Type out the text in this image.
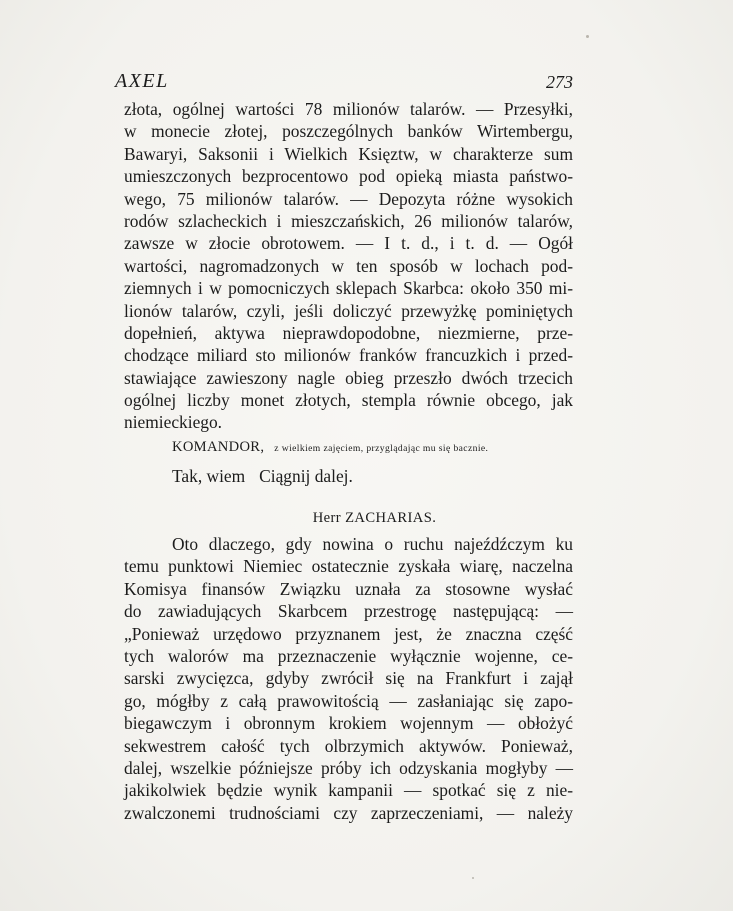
AXEL	273
złota, ogólnej wartości 78 milionów talarów. — Przesyłki,
w monecie złotej, poszczególnych banków Wirtembergu,
Bawaryi, Saksonii i Wielkich Księztw, w charakterze sum
umieszczonych bezprocentowo pod opieką miasta państwo-
wego, 75 milionów talarów. — Depozyta różne wysokich
rodów szlacheckich i mieszczańskich, 26 milionów talarów,
zawsze w złocie obrotowem. — I t. d., i t. d. — Ogół
wartości, nagromadzonych w ten sposób w lochach pod-
ziemnych i w pomocniczych sklepach Skarbca: około 350 mi-
lionów talarów, czyli, jeśli doliczyć przewyżkę pominiętych
dopełnień, aktywa nieprawdopodobne, niezmierne, prze-
chodzące miliard sto milionów franków francuzkich i przed-
stawiające zawieszony nagle obieg przeszło dwóch trzecich
ogólnej liczby monet złotych, stempla równie obcego, jak
niemieckiego.
KOMANDOR, z wielkiem zajęciem, przyglądając mu się bacznie.
Tak, wiem Ciągnij dalej.
Herr ZACHARIAS.
Oto dlaczego, gdy nowina o ruchu najeźdźczym ku
temu punktowi Niemiec ostatecznie zyskała wiarę, naczelna
Komisya finansów Związku uznała za stosowne wysłać
do zawiadujących Skarbcem przestrogę następującą: —
„Ponieważ urzędowo przyznanem jest, że znaczna część
tych walorów ma przeznaczenie wyłącznie wojenne, ce-
sarski zwycięzca, gdyby zwrócił się na Frankfurt i zajął
go, mógłby z całą prawowitością — zasłaniając się zapo-
biegawczym i obronnym krokiem wojennym — obłożyć
sekwestrem całość tych olbrzymich aktywów. Ponieważ,
dalej, wszelkie późniejsze próby ich odzyskania mogłyby —
jakikolwiek będzie wynik kampanii — spotkać się z nie-
zwalczonemi trudnościami czy zaprzeczeniami, — należy
